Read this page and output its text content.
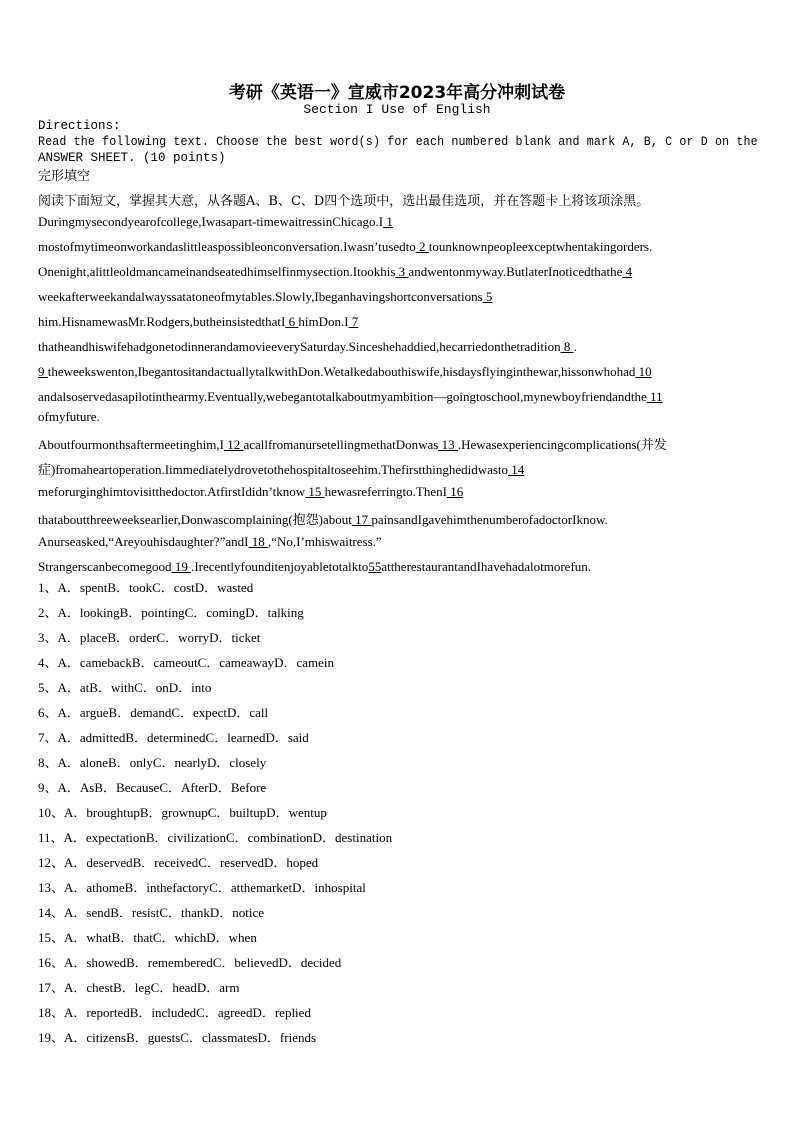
考研《英语一》宣威市2023年高分冲刺试卷
Section I Use of English
Directions:
Read the following text. Choose the best word(s) for each numbered blank and mark A, B, C or D on the
ANSWER SHEET. (10 points)
完形填空
阅读下面短文，掌握其大意，从各题A、B、C、D四个选项中，选出最佳选项，并在答题卡上将该项涂黑。
Duringmysecondyearofcollege,Iwasapart-timewaitressinChicago.I 1
mostofmytimeonworkandaslittleaspossibleonconversation.Iwasn’tusedto 2 tounknownpeopleexceptwhentakingorders.
Onenight,alittleoldmancameinandseatedhimselfinmysection.Itookhis 3 andwentonmyway.ButlaterInoticedthathe 4
weekafterweekandalwayssatatoneofmytables.Slowly,Ibeganhavingshortconversations 5
him.HisnamewasMr.Rodgers,butheinsistedthatI 6 himDon.I 7
thatheandhiswifehadgonetodinnerandamovieeverySaturday.Sinceshehaddied,hecarriedonthetradition 8 .
9 theweekswenton,IbegantositandactuallytalkwithDon.Wetalkedabouthiswife,hisdaysflyinginthewar,hissonwhohad 10
andalsoservedasapilotinthearmy.Eventually,webegantotalkaboutmyambition—goingtoschool,mynewboyfriendandthe 11
ofmyfuture.
Aboutfourmonthsaftermeetinghim,I 12 acallfromanursetellingmethatDonwas 13 .Hewasexperiencingcomplications(并发
症)fromaheartoperation.Iimmediatelydrovetothehospitaltoseehim.Thefirstthinghedidwasto 14
meforurginghimtovisitthedoctor.AtfirstIdidn’tknow 15 hewasreferringto.ThenI 16
thataboutthreeweeksearlier,Donwascomplaining(抱怨)about 17 painsandIgavehimthenumberofadoctorIknow.
Anurseasked,“Areyouhisdaughter?”andI 18 ,“No,I’mhiswaitress.”
Strangerscanbecomegood 19 .Irecentlyfounditenjoyabletotalkto55attherestaurantandIhavehadalotmorefun.
1、A．spentB．tookC．costD．wasted
2、A．lookingB．pointingC．comingD．talking
3、A．placeB．orderC．worryD．ticket
4、A．camebackB．cameoutC．cameawayD．camein
5、A．atB．withC．onD．into
6、A．argueB．demandC．expectD．call
7、A．admittedB．determinedC．learnedD．said
8、A．aloneB．onlyC．nearlyD．closely
9、A．AsB．BecauseC．AfterD．Before
10、A．broughtupB．grownupC．builtupD．wentup
11、A．expectationB．civilizationC．combinationD．destination
12、A．deservedB．receivedC．reservedD．hoped
13、A．athomeB．inthefactoryC．atthemarketD．inhospital
14、A．sendB．resistC．thankD．notice
15、A．whatB．thatC．whichD．when
16、A．showedB．rememberedC．believedD．decided
17、A．chestB．legC．headD．arm
18、A．reportedB．includedC．agreedD．replied
19、A．citizensB．guestsC．classmatesD．friends
